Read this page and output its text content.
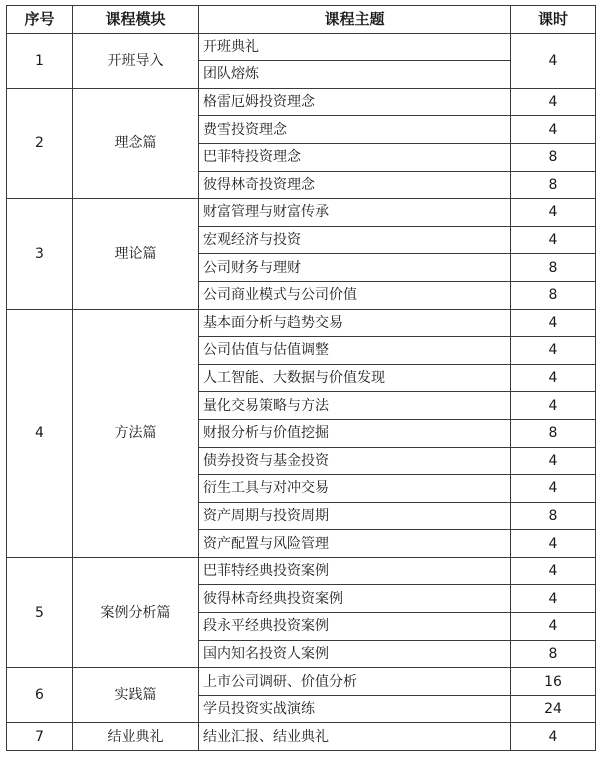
序号	课程模块	课程主题	课时
1	开班导入	开班典礼	4
		团队熔炼	
2	理念篇	格雷厄姆投资理念	4
		费雪投资理念	4
		巴菲特投资理念	8
		彼得林奇投资理念	8
3	理论篇	财富管理与财富传承	4
		宏观经济与投资	4
		公司财务与理财	8
		公司商业模式与公司价值	8
4	方法篇	基本面分析与趋势交易	4
		公司估值与估值调整	4
		人工智能、大数据与价值发现	4
		量化交易策略与方法	4
		财报分析与价值挖掘	8
		债券投资与基金投资	4
		衍生工具与对冲交易	4
		资产周期与投资周期	8
		资产配置与风险管理	4
5	案例分析篇	巴菲特经典投资案例	4
		彼得林奇经典投资案例	4
		段永平经典投资案例	4
		国内知名投资人案例	8
6	实践篇	上市公司调研、价值分析	16
		学员投资实战演练	24
7	结业典礼	结业汇报、结业典礼	4
